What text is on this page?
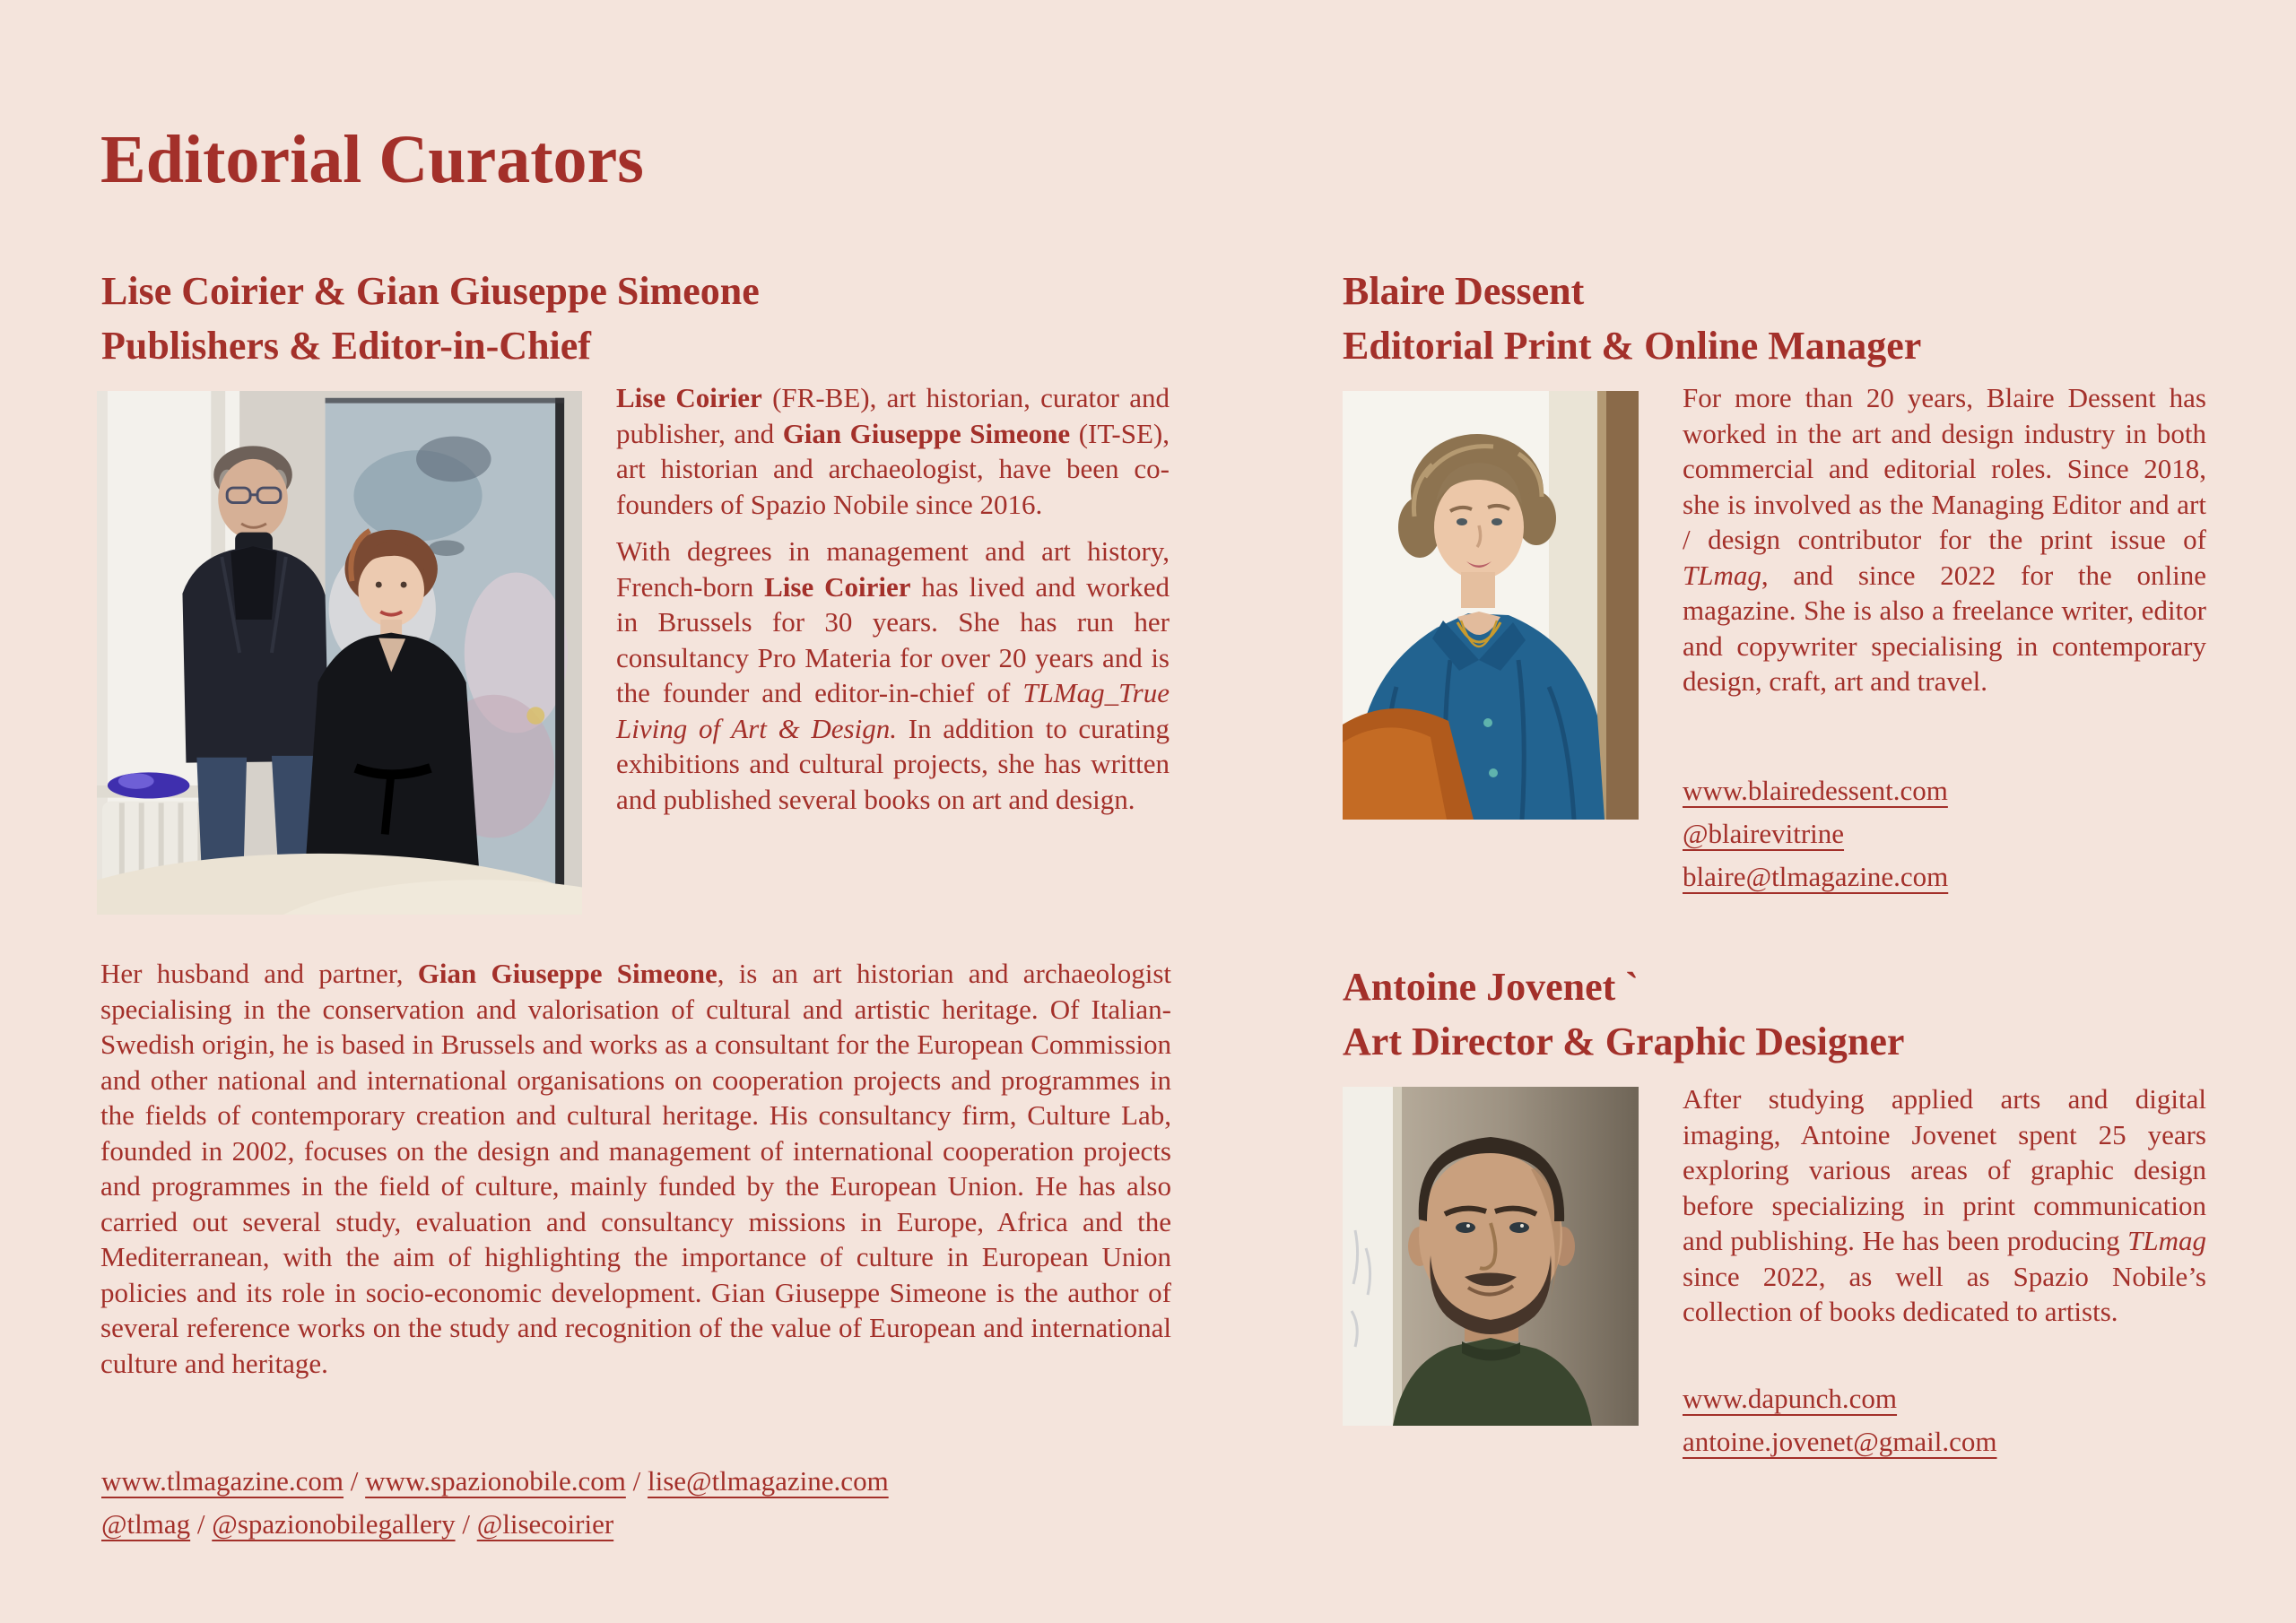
Editorial Curators
Lise Coirier & Gian Giuseppe Simeone
Publishers & Editor-in-Chief

Lise Coirier (FR-BE), art historian, curator and publisher, and Gian Giuseppe Simeone (IT-SE), art historian and archaeologist, have been co-founders of Spazio Nobile since 2016.

With degrees in management and art history, French-born Lise Coirier has lived and worked in Brussels for 30 years. She has run her consultancy Pro Materia for over 20 years and is the founder and editor-in-chief of TLMag_True Living of Art & Design. In addition to curating exhibitions and cultural projects, she has written and published several books on art and design.

Her husband and partner, Gian Giuseppe Simeone, is an art historian and archaeologist specialising in the conservation and valorisation of cultural and artistic heritage. Of Italian-Swedish origin, he is based in Brussels and works as a consultant for the European Commission and other national and international organisations on cooperation projects and programmes in the fields of contemporary creation and cultural heritage. His consultancy firm, Culture Lab, founded in 2002, focuses on the design and management of international cooperation projects and programmes in the field of culture, mainly funded by the European Union. He has also carried out several study, evaluation and consultancy missions in Europe, Africa and the Mediterranean, with the aim of highlighting the importance of culture in European Union policies and its role in socio-economic development. Gian Giuseppe Simeone is the author of several reference works on the study and recognition of the value of European and international culture and heritage.

www.tlmagazine.com / www.spazionobile.com / lise@tlmagazine.com
@tlmag / @spazionobilegallery / @lisecoirier
Blaire Dessent
Editorial Print & Online Manager

For more than 20 years, Blaire Dessent has worked in the art and design industry in both commercial and editorial roles. Since 2018, she is involved as the Managing Editor and art / design contributor for the print issue of TLmag, and since 2022 for the online magazine. She is also a freelance writer, editor and copywriter specialising in contemporary design, craft, art and travel.

www.blairedessent.com
@blairevitrine
blaire@tlmagazine.com
Antoine Jovenet `
Art Director & Graphic Designer

After studying applied arts and digital imaging, Antoine Jovenet spent 25 years exploring various areas of graphic design before specializing in print communication and publishing. He has been producing TLmag since 2022, as well as Spazio Nobile’s collection of books dedicated to artists.

www.dapunch.com
antoine.jovenet@gmail.com
